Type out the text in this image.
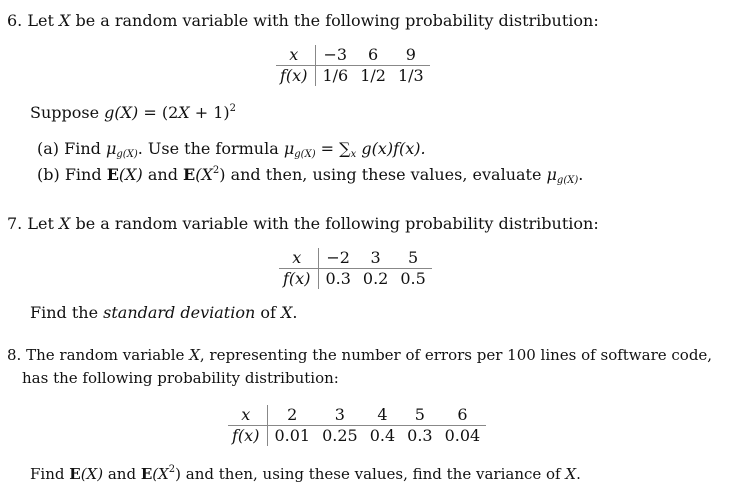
6. Let X be a random variable with the following probability distribution:
x	−3	6	9
f(x)	1/6	1/2	1/3
Suppose $g(X) = (2X + 1)^2$
(a) Find $\mu_{g(X)}$. Use the formula $\mu_{g(X)} = \sum_x$ g(x)f(x).
(b) Find E(X) and $E(X^2)$ and then, using these values, evaluate $\mu_{g(X)}$.
7. Let X be a random variable with the following probability distribution:
x	−2	3	5
f(x)	0.3	0.2	0.5
Find the standard deviation of X.
8. The random variable X, representing the number of errors per 100 lines of software code,
has the following probability distribution:
x	2	3	4	5	6
f(x)	0.01	0.25	0.4	0.3	0.04
Find E(X) and $E(X^2)$ and then, using these values, find the variance of X.
